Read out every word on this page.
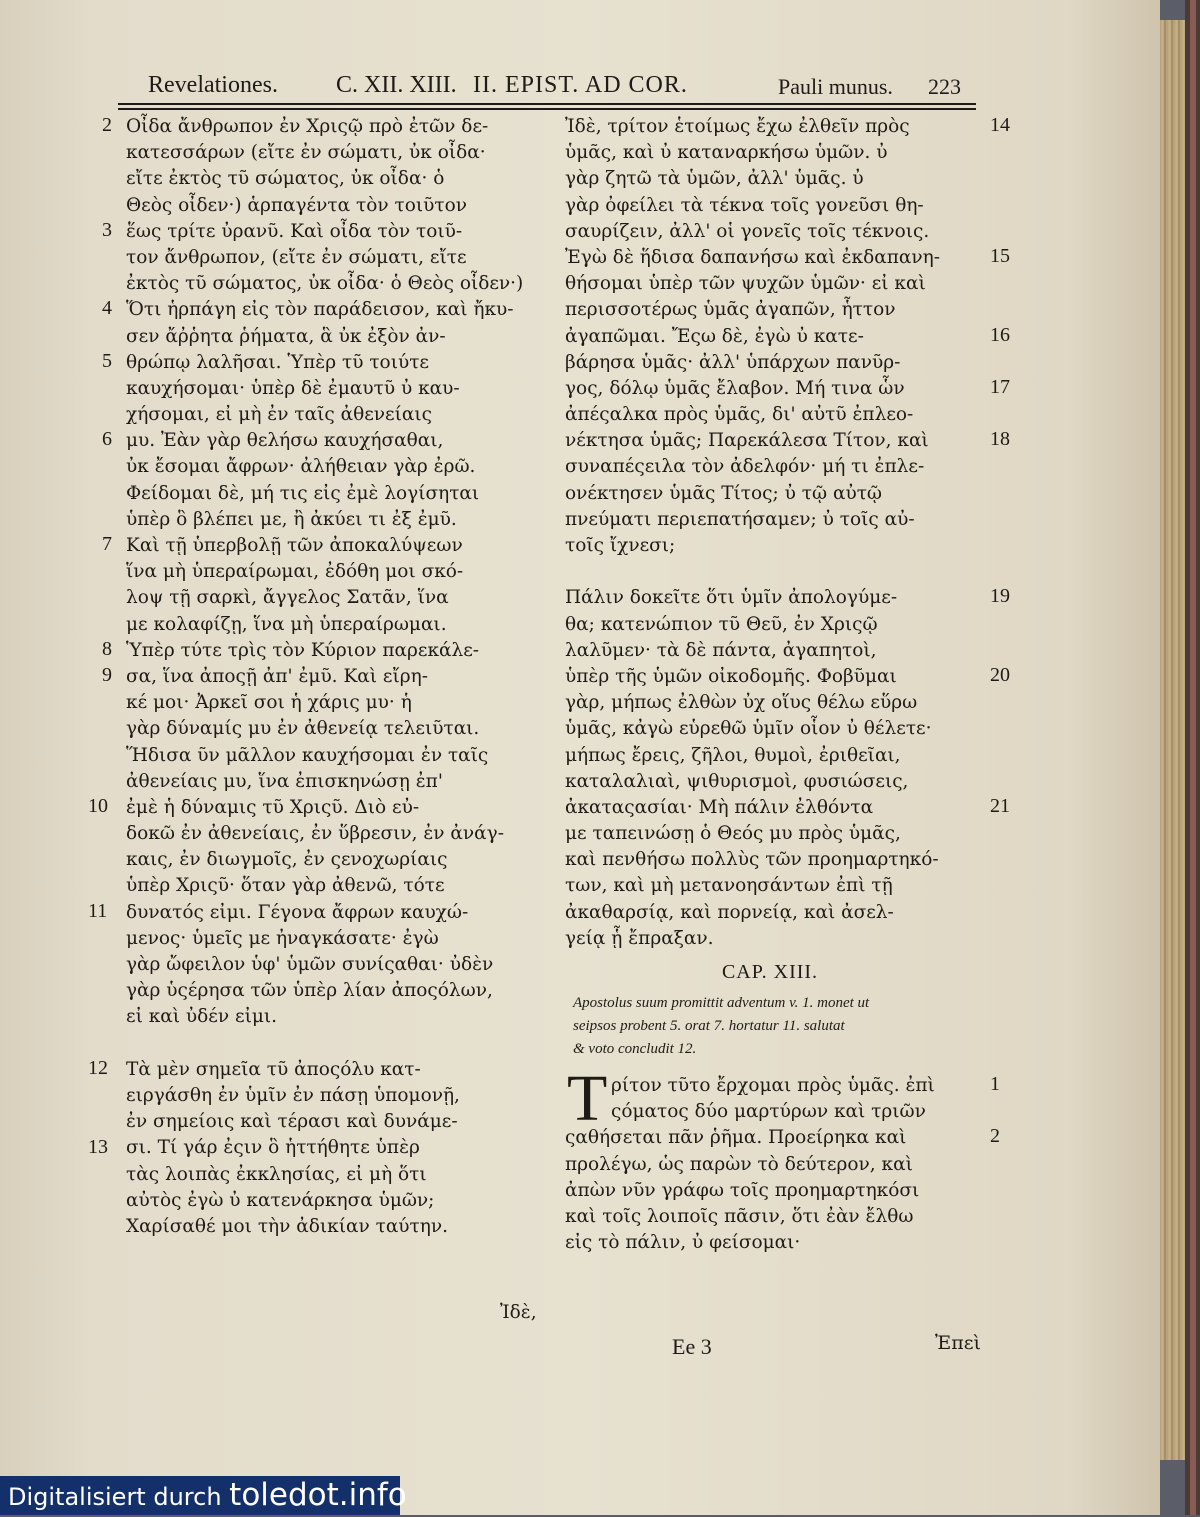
Revelationes. C. XII. XIII. II. EPIST. AD COR.	Pauli munus. 223
Οἶδα ἄνθρωπον ἐν Χριςῷ πρὸ ἐτῶν δε-
κατεσσάρων (εἴτε ἐν σώματι, ὐκ οἶδα·
εἴτε ἐκτὸς τῦ σώματος, ὐκ οἶδα· ὁ
Θεὸς οἶδεν·) ἁρπαγέντα τὸν τοιῦτον
ἕως τρίτε ὐρανῦ. Καὶ οἶδα τὸν τοιῦ-
τον ἄνθρωπον, (εἴτε ἐν σώματι, εἴτε
ἐκτὸς τῦ σώματος, ὐκ οἶδα· ὁ Θεὸς οἶδεν·)
Ὅτι ἡρπάγη εἰς τὸν παράδεισον, καὶ ἤκυ-
σεν ἄῤῥητα ῥήματα, ἃ ὐκ ἐξὸν ἀν-
θρώπῳ λαλῆσαι. Ὑπὲρ τῦ τοιύτε
καυχήσομαι· ὑπὲρ δὲ ἐμαυτῦ ὐ καυ-
χήσομαι, εἰ μὴ ἐν ταῖς ἀθενείαις
μυ. Ἐὰν γὰρ θελήσω καυχήσαθαι,
ὐκ ἔσομαι ἄφρων· ἀλήθειαν γὰρ ἐρῶ.
Φείδομαι δὲ, μή τις εἰς ἐμὲ λογίσηται
ὑπὲρ ὃ βλέπει με, ἢ ἀκύει τι ἐξ ἐμῦ.
Καὶ τῇ ὑπερβολῇ τῶν ἀποκαλύψεων
ἵνα μὴ ὑπεραίρωμαι, ἐδόθη μοι σκό-
λοψ τῇ σαρκὶ, ἄγγελος Σατᾶν, ἵνα
με κολαφίζῃ, ἵνα μὴ ὑπεραίρωμαι.
Ὑπὲρ τύτε τρὶς τὸν Κύριον παρεκάλε-
σα, ἵνα ἀποςῇ ἀπ' ἐμῦ. Καὶ εἴρη-
κέ μοι· Ἀρκεῖ σοι ἡ χάρις μυ· ἡ
γὰρ δύναμίς μυ ἐν ἀθενείᾳ τελειῦται.
Ἥδισα ῦν μᾶλλον καυχήσομαι ἐν ταῖς
ἀθενείαις μυ, ἵνα ἐπισκηνώσῃ ἐπ'
ἐμὲ ἡ δύναμις τῦ Χριςῦ. Διὸ εὐ-
δοκῶ ἐν ἀθενείαις, ἐν ὕβρεσιν, ἐν ἀνάγ-
καις, ἐν διωγμοῖς, ἐν ςενοχωρίαις
ὑπὲρ Χριςῦ· ὅταν γὰρ ἀθενῶ, τότε
δυνατός εἰμι. Γέγονα ἄφρων καυχώ-
μενος· ὑμεῖς με ἠναγκάσατε· ἐγὼ
γὰρ ὤφειλον ὑφ' ὑμῶν συνίςαθαι· ὐδὲν
γὰρ ὑςέρησα τῶν ὑπὲρ λίαν ἀποςόλων,
εἰ καὶ ὐδέν εἰμι.
Τὰ μὲν σημεῖα τῦ ἀποςόλυ κατ-
ειργάσθη ἐν ὑμῖν ἐν πάσῃ ὑπομονῇ,
ἐν σημείοις καὶ τέρασι καὶ δυνάμε-
σι. Τί γάρ ἐςιν ὃ ἡττήθητε ὑπὲρ
τὰς λοιπὰς ἐκκλησίας, εἰ μὴ ὅτι
αὐτὸς ἐγὼ ὐ κατενάρκησα ὑμῶν;
Χαρίσαθέ μοι τὴν ἀδικίαν ταύτην.
2
3
4
5
6
7
8
9
10
11
12
13
Ἰδὲ, τρίτον ἑτοίμως ἔχω ἐλθεῖν πρὸς
ὑμᾶς, καὶ ὐ καταναρκήσω ὑμῶν. ὐ
γὰρ ζητῶ τὰ ὑμῶν, ἀλλ' ὑμᾶς. ὐ
γὰρ ὀφείλει τὰ τέκνα τοῖς γονεῦσι θη-
σαυρίζειν, ἀλλ' οἱ γονεῖς τοῖς τέκνοις.
Ἐγὼ δὲ ἥδισα δαπανήσω καὶ ἐκδαπανη-
θήσομαι ὑπὲρ τῶν ψυχῶν ὑμῶν· εἰ καὶ
περισσοτέρως ὑμᾶς ἀγαπῶν, ἧττον
ἀγαπῶμαι. Ἔςω δὲ, ἐγὼ ὐ κατε-
βάρησα ὑμᾶς· ἀλλ' ὑπάρχων πανῦρ-
γος, δόλῳ ὑμᾶς ἔλαβον. Μή τινα ὧν
ἀπέςαλκα πρὸς ὑμᾶς, δι' αὐτῦ ἐπλεο-
νέκτησα ὑμᾶς; Παρεκάλεσα Τίτον, καὶ
συναπέςειλα τὸν ἀδελφόν· μή τι ἐπλε-
ονέκτησεν ὑμᾶς Τίτος; ὐ τῷ αὐτῷ
πνεύματι περιεπατήσαμεν; ὐ τοῖς αὐ-
τοῖς ἴχνεσι;
Πάλιν δοκεῖτε ὅτι ὑμῖν ἀπολογύμε-
θα; κατενώπιον τῦ Θεῦ, ἐν Χριςῷ
λαλῦμεν· τὰ δὲ πάντα, ἀγαπητοὶ,
ὑπὲρ τῆς ὑμῶν οἰκοδομῆς. Φοβῦμαι
γὰρ, μήπως ἐλθὼν ὐχ οἵυς θέλω εὕρω
ὑμᾶς, κἀγὼ εὑρεθῶ ὑμῖν οἷον ὐ θέλετε·
μήπως ἔρεις, ζῆλοι, θυμοὶ, ἐριθεῖαι,
καταλαλιαὶ, ψιθυρισμοὶ, φυσιώσεις,
ἀκαταςασίαι· Μὴ πάλιν ἐλθόντα
με ταπεινώσῃ ὁ Θεός μυ πρὸς ὑμᾶς,
καὶ πενθήσω πολλὺς τῶν προημαρτηκό-
των, καὶ μὴ μετανοησάντων ἐπὶ τῇ
ἀκαθαρσίᾳ, καὶ πορνείᾳ, καὶ ἀσελ-
γείᾳ ᾗ ἔπραξαν.
CAP. XIII.
Apostolus suum promittit adventum v. 1. monet ut
seipsos probent 5. orat 7. hortatur 11. salutat
& voto concludit 12.
T ρίτον τῦτο ἔρχομαι πρὸς ὑμᾶς. ἐπὶ
ςόματος δύο μαρτύρων καὶ τριῶν
ςαθήσεται πᾶν ῥῆμα. Προείρηκα καὶ
προλέγω, ὡς παρὼν τὸ δεύτερον, καὶ
ἀπὼν νῦν γράφω τοῖς προημαρτηκόσι
καὶ τοῖς λοιποῖς πᾶσιν, ὅτι ἐὰν ἔλθω
εἰς τὸ πάλιν, ὐ φείσομαι·
14
15
16
17
18
19
20
21
1
2
Ἰδὲ,
Ee 3	Ἐπεὶ
Digitalisiert durch toledot.info
